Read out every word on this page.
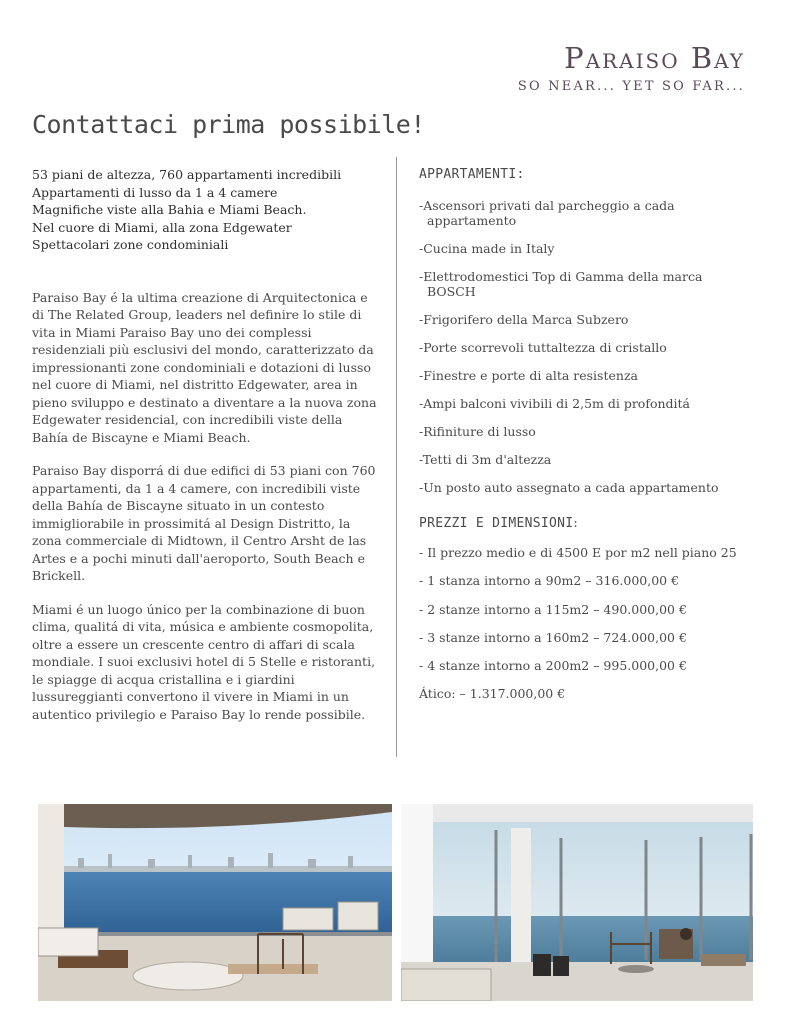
Paraiso Bay
SO NEAR... YET SO FAR...
Contattaci prima possibile!
53 piani de altezza, 760 appartamenti incredibili
Appartamenti di lusso da 1 a 4 camere
Magnifiche viste alla Bahia e Miami Beach.
Nel cuore di Miami, alla zona Edgewater
Spettacolari zone condominiali

Paraiso Bay é la ultima creazione di Arquitectonica e di The Related Group, leaders nel definire lo stile di vita in Miami Paraiso Bay uno dei complessi residenziali più esclusivi del mondo, caratterizzato da impressionanti zone condominiali e dotazioni di lusso nel cuore di Miami, nel distritto Edgewater, area in pieno sviluppo e destinato a diventare a la nuova zona Edgewater residencial, con incredibili viste della Bahía de Biscayne e Miami Beach.

Paraiso Bay disporrá di due edifici di 53 piani con 760 appartamenti, da 1 a 4 camere, con incredibili viste della Bahía de Biscayne situato in un contesto immigliorabile in prossimitá al Design Distritto, la zona commerciale di Midtown, il Centro Arsht de las Artes e a pochi minuti dall'aeroporto, South Beach e Brickell.

Miami é un luogo único per la combinazione di buon clima, qualitá di vita, música e ambiente cosmopolita, oltre a essere un crescente centro di affari di scala mondiale. I suoi exclusivi hotel di 5 Stelle e ristoranti, le spiagge di acqua cristallina e i giardini lussureggianti convertono il vivere in Miami in un autentico privilegio e Paraiso Bay lo rende possibile.

APPARTAMENTI:
-Ascensori privati dal parcheggio a cada
appartamento
-Cucina made in Italy
-Elettrodomestici Top di Gamma della marca
BOSCH
-Frigorifero della Marca Subzero
-Porte scorrevoli tuttaltezza di cristallo
-Finestre e porte di alta resistenza
-Ampi balconi vivibili di 2,5m di profonditá
-Rifiniture di lusso
-Tetti di 3m d'altezza
-Un posto auto assegnato a cada appartamento
PREZZI E DIMENSIONI:
- Il prezzo medio e di 4500 E por m2 nell piano 25
- 1 stanza intorno a 90m2 – 316.000,00 €
- 2 stanze intorno a 115m2 – 490.000,00 €
- 3 stanze intorno a 160m2 – 724.000,00 €
- 4 stanze intorno a 200m2 – 995.000,00 €
Ático: – 1.317.000,00 €
